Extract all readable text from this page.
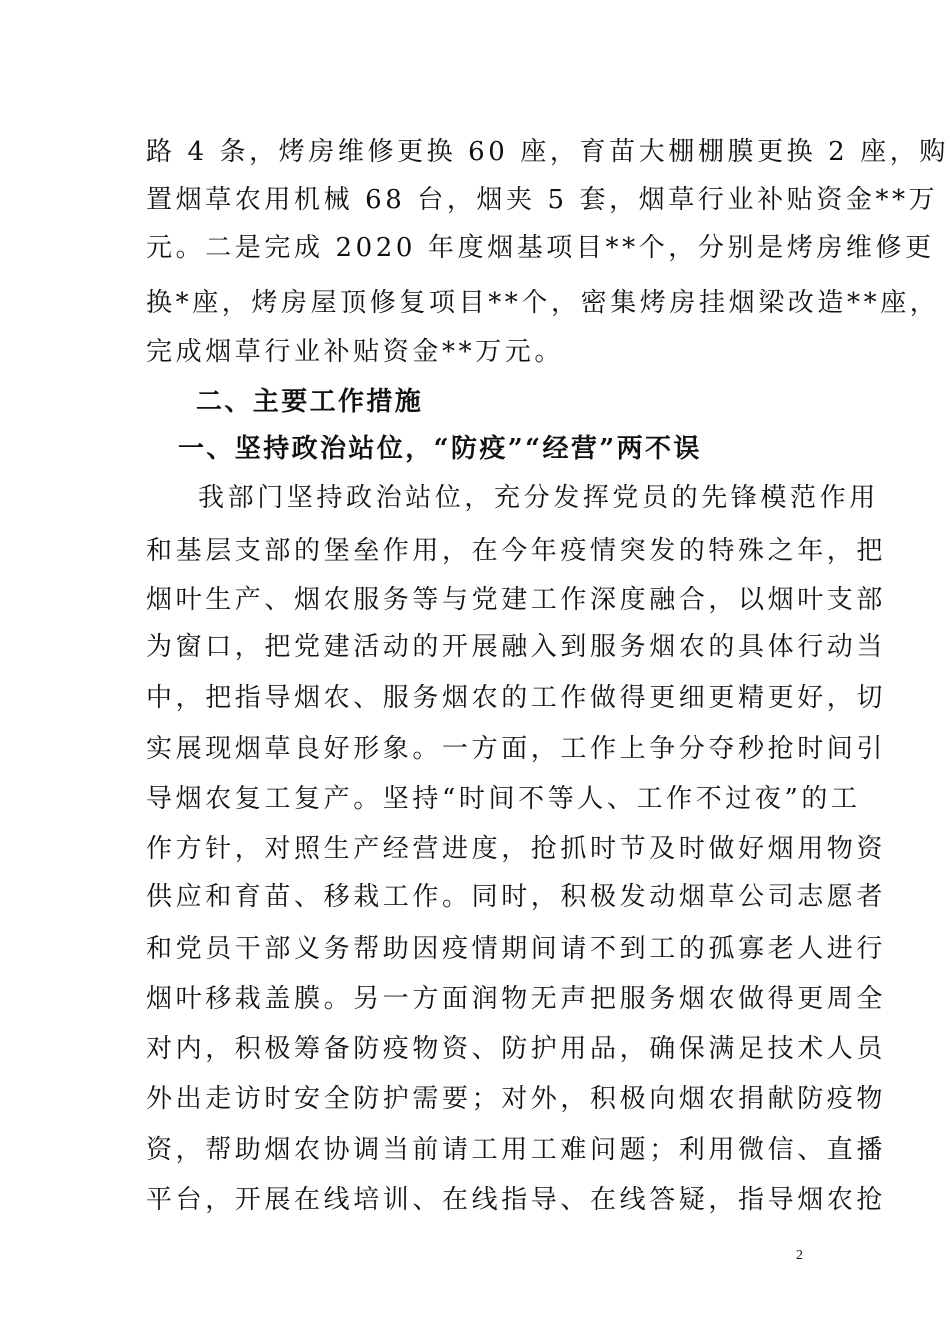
路 4 条，烤房维修更换 60 座，育苗大棚棚膜更换 2 座，购
置烟草农用机械 68 台，烟夹 5 套，烟草行业补贴资金**万
元。二是完成 2020 年度烟基项目**个，分别是烤房维修更
换*座，烤房屋顶修复项目**个，密集烤房挂烟梁改造**座，
完成烟草行业补贴资金**万元。
二、主要工作措施
一、坚持政治站位，“防疫”“经营”两不误
我部门坚持政治站位，充分发挥党员的先锋模范作用
和基层支部的堡垒作用，在今年疫情突发的特殊之年，把
烟叶生产、烟农服务等与党建工作深度融合，以烟叶支部
为窗口，把党建活动的开展融入到服务烟农的具体行动当
中，把指导烟农、服务烟农的工作做得更细更精更好，切
实展现烟草良好形象。一方面，工作上争分夺秒抢时间引
导烟农复工复产。坚持“时间不等人、工作不过夜”的工
作方针，对照生产经营进度，抢抓时节及时做好烟用物资
供应和育苗、移栽工作。同时，积极发动烟草公司志愿者
和党员干部义务帮助因疫情期间请不到工的孤寡老人进行
烟叶移栽盖膜。另一方面润物无声把服务烟农做得更周全
对内，积极筹备防疫物资、防护用品，确保满足技术人员
外出走访时安全防护需要；对外，积极向烟农捐献防疫物
资，帮助烟农协调当前请工用工难问题；利用微信、直播
平台，开展在线培训、在线指导、在线答疑，指导烟农抢
2
